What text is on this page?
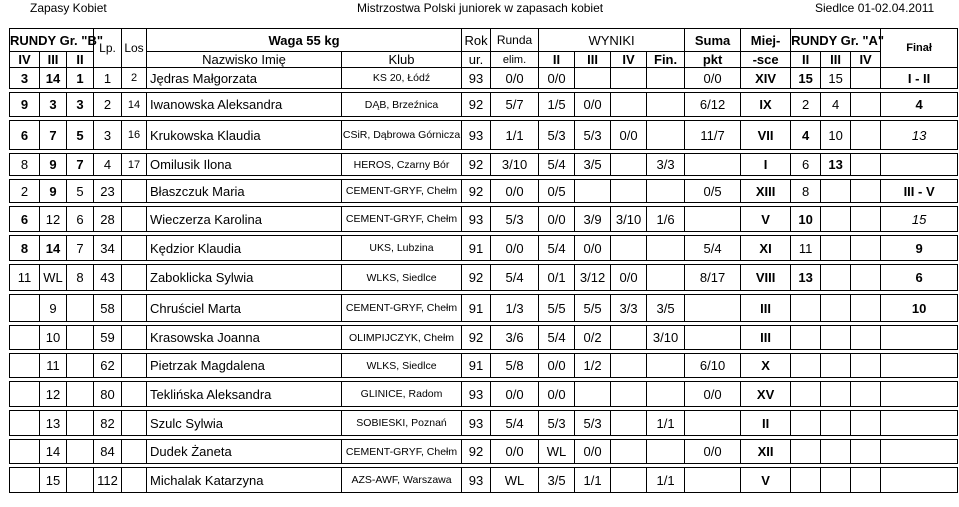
Zapasy Kobiet	Mistrzostwa Polski juniorek w zapasach kobiet	Siedlce 01-02.04.2011
RUNDY Gr. "B"			Lp.	Los	Waga 55 kg		Rok	Runda	WYNIKI				Suma	Miej-	RUNDY Gr. "A"			Finał
IV	III	II			Nazwisko Imię	Klub	ur.	elim.	II	III	IV	Fin.	pkt	-sce	II	III	IV	
3	14	1	1	2	Jędras Małgorzata	KS 20, Łódź	93	0/0	0/0				0/0	XIV	15	15		I - II

9	3	3	2	14	Iwanowska Aleksandra	DĄB, Brzeźnica	92	5/7	1/5	0/0			6/12	IX	2	4		4

6	7	5	3	16	Krukowska Klaudia	CSiR, Dąbrowa Górnicza	93	1/1	5/3	5/3	0/0		11/7	VII	4	10		13

8	9	7	4	17	Omilusik Ilona	HEROS, Czarny Bór	92	3/10	5/4	3/5		3/3		I	6	13		

2	9	5	23		Błaszczuk Maria	CEMENT-GRYF, Chełm	92	0/0	0/5				0/5	XIII	8			III - V

6	12	6	28		Wieczerza Karolina	CEMENT-GRYF, Chełm	93	5/3	0/0	3/9	3/10	1/6		V	10			15

8	14	7	34		Kędzior Klaudia	UKS, Lubzina	91	0/0	5/4	0/0			5/4	XI	11			9

11	WL	8	43		Zaboklicka Sylwia	WLKS, Siedlce	92	5/4	0/1	3/12	0/0		8/17	VIII	13			6

	9		58		Chruściel Marta	CEMENT-GRYF, Chełm	91	1/3	5/5	5/5	3/3	3/5		III				10

	10		59		Krasowska Joanna	OLIMPIJCZYK, Chełm	92	3/6	5/4	0/2		3/10		III				

	11		62		Pietrzak Magdalena	WLKS, Siedlce	91	5/8	0/0	1/2			6/10	X				

	12		80		Teklińska Aleksandra	GLINICE, Radom	93	0/0	0/0				0/0	XV				

	13		82		Szulc Sylwia	SOBIESKI, Poznań	93	5/4	5/3	5/3		1/1		II				

	14		84		Dudek Żaneta	CEMENT-GRYF, Chełm	92	0/0	WL	0/0			0/0	XII				

	15		112		Michalak Katarzyna	AZS-AWF, Warszawa	93	WL	3/5	1/1		1/1		V				
